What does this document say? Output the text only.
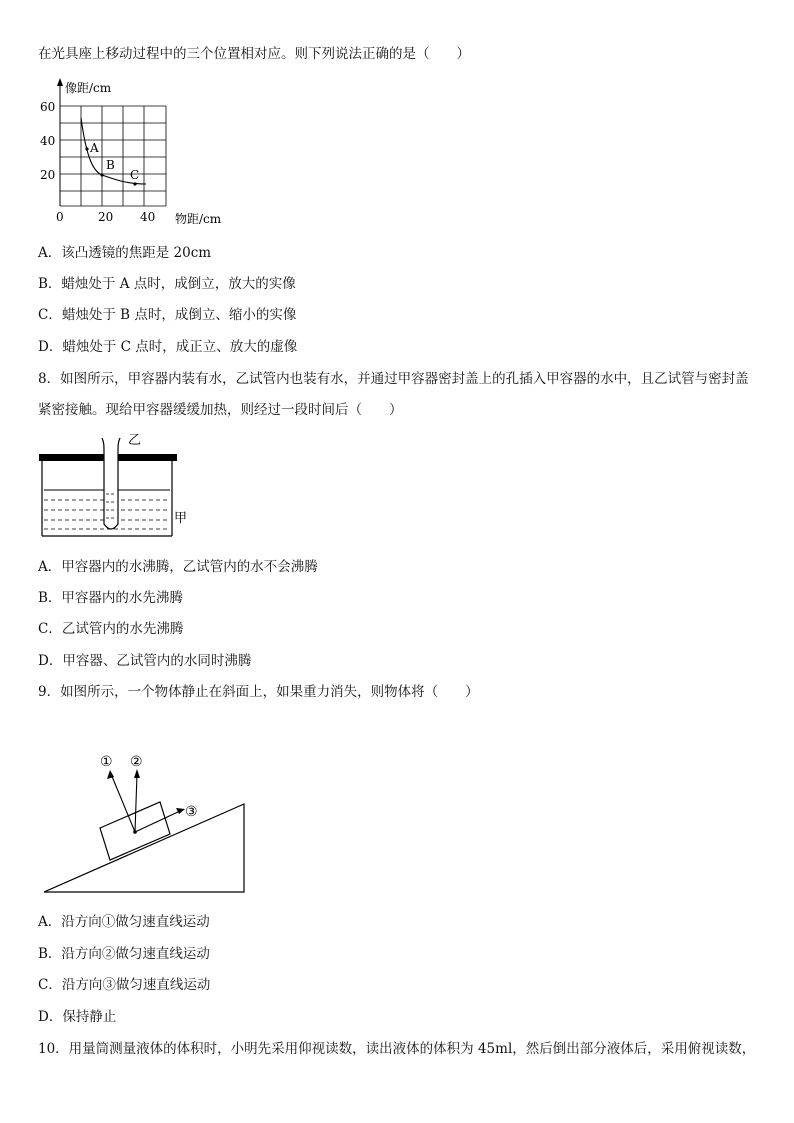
在光具座上移动过程中的三个位置相对应。则下列说法正确的是（　　）
A
B
C
像距/cm
60
40
20
0	20 40 物距/cm
A．该凸透镜的焦距是 20cm
B．蜡烛处于 A 点时，成倒立，放大的实像
C．蜡烛处于 B 点时，成倒立、缩小的实像
D．蜡烛处于 C 点时，成正立、放大的虚像
8．如图所示，甲容器内装有水，乙试管内也装有水，并通过甲容器密封盖上的孔插入甲容器的水中，且乙试管与密封盖紧密接触。现给甲容器缓缓加热，则经过一段时间后（　　）
乙
甲
A．甲容器内的水沸腾，乙试管内的水不会沸腾
B．甲容器内的水先沸腾
C．乙试管内的水先沸腾
D．甲容器、乙试管内的水同时沸腾
9．如图所示，一个物体静止在斜面上，如果重力消失，则物体将（　　）
① ②
③
A．沿方向①做匀速直线运动
B．沿方向②做匀速直线运动
C．沿方向③做匀速直线运动
D．保持静止
10．用量筒测量液体的体积时，小明先采用仰视读数，读出液体的体积为 45ml，然后倒出部分液体后，采用俯视读数，
